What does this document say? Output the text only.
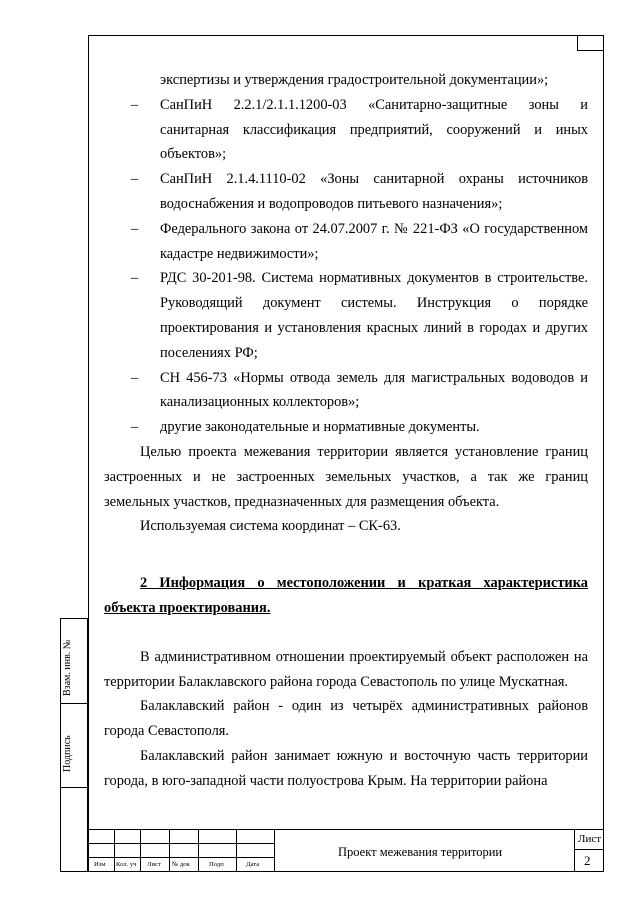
экспертизы и утверждения градостроительной документации»;

– СанПиН 2.2.1/2.1.1.1200-03 «Санитарно-защитные зоны и санитарная классификация предприятий, сооружений и иных объектов»;

– СанПиН 2.1.4.1110-02 «Зоны санитарной охраны источников водоснабжения и водопроводов питьевого назначения»;

– Федерального закона от 24.07.2007 г. № 221-ФЗ «О государственном кадастре недвижимости»;

– РДС 30-201-98. Система нормативных документов в строительстве. Руководящий документ системы. Инструкция о порядке проектирования и установления красных линий в городах и других поселениях РФ;

– СН 456-73 «Нормы отвода земель для магистральных водоводов и канализационных коллекторов»;

– другие законодательные и нормативные документы.

Целью проекта межевания территории является установление границ застроенных и не застроенных земельных участков, а так же границ земельных участков, предназначенных для размещения объекта.

Используемая система координат – СК-63.

2 Информация о местоположении и краткая характеристика объекта проектирования.

В административном отношении проектируемый объект расположен на территории Балаклавского района города Севастополь по улице Мускатная.

Балаклавский район - один из четырёх административных районов города Севастополя.

Балаклавский район занимает южную и восточную часть территории города, в юго-западной части полуострова Крым. На территории района

Взам. инв. №
Подпись
Изм Кол. уч Лист № док	Подп	Дата
Проект межевания территории
Лист
2
